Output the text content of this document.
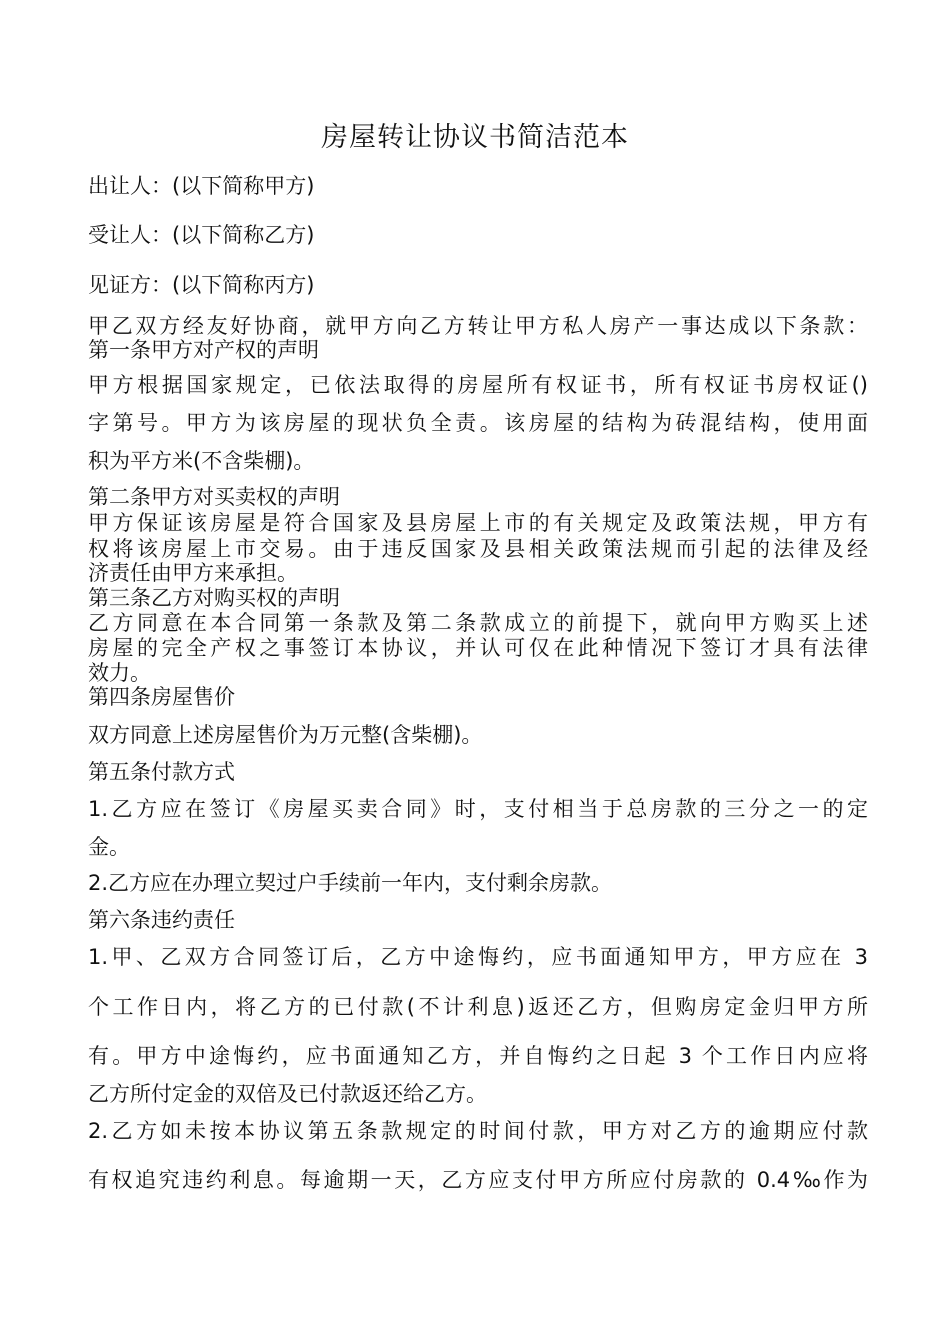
房屋转让协议书简洁范本
出让人：(以下简称甲方)
受让人：(以下简称乙方)
见证方：(以下简称丙方)
甲乙双方经友好协商，就甲方向乙方转让甲方私人房产一事达成以下条款：
第一条甲方对产权的声明
甲方根据国家规定，已依法取得的房屋所有权证书，所有权证书房权证()
字第号。甲方为该房屋的现状负全责。该房屋的结构为砖混结构，使用面
积为平方米(不含柴棚)。
第二条甲方对买卖权的声明
甲方保证该房屋是符合国家及县房屋上市的有关规定及政策法规，甲方有
权将该房屋上市交易。由于违反国家及县相关政策法规而引起的法律及经
济责任由甲方来承担。
第三条乙方对购买权的声明
乙方同意在本合同第一条款及第二条款成立的前提下，就向甲方购买上述
房屋的完全产权之事签订本协议，并认可仅在此种情况下签订才具有法律
效力。
第四条房屋售价
双方同意上述房屋售价为万元整(含柴棚)。
第五条付款方式
1.乙方应在签订《房屋买卖合同》时，支付相当于总房款的三分之一的定
金。
2.乙方应在办理立契过户手续前一年内，支付剩余房款。
第六条违约责任
1.甲、乙双方合同签订后，乙方中途悔约，应书面通知甲方，甲方应在 3
个工作日内，将乙方的已付款(不计利息)返还乙方，但购房定金归甲方所
有。甲方中途悔约，应书面通知乙方，并自悔约之日起 3 个工作日内应将
乙方所付定金的双倍及已付款返还给乙方。
2.乙方如未按本协议第五条款规定的时间付款，甲方对乙方的逾期应付款
有权追究违约利息。每逾期一天，乙方应支付甲方所应付房款的 0.4‰作为
